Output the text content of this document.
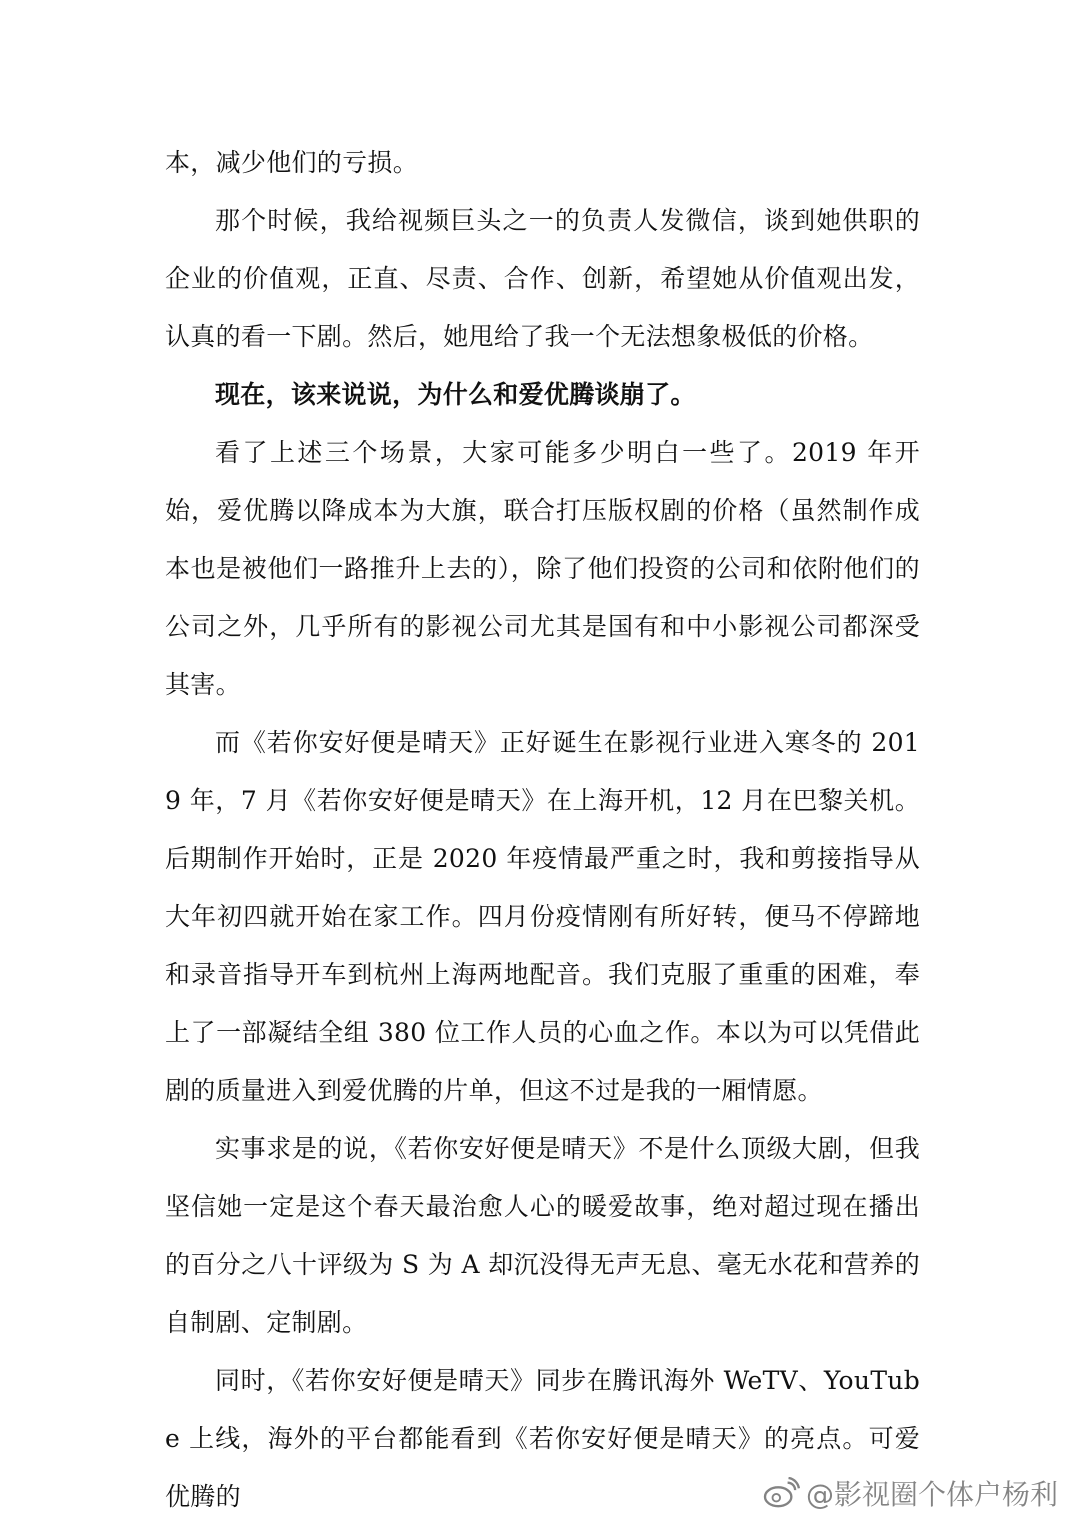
本，减少他们的亏损。

那个时候，我给视频巨头之一的负责人发微信，谈到她供职的企业的价值观，正直、尽责、合作、创新，希望她从价值观出发，认真的看一下剧。然后，她甩给了我一个无法想象极低的价格。

现在，该来说说，为什么和爱优腾谈崩了。

看了上述三个场景，大家可能多少明白一些了。2019 年开始，爱优腾以降成本为大旗，联合打压版权剧的价格（虽然制作成本也是被他们一路推升上去的），除了他们投资的公司和依附他们的公司之外，几乎所有的影视公司尤其是国有和中小影视公司都深受其害。

而《若你安好便是晴天》正好诞生在影视行业进入寒冬的 2019 年，7 月《若你安好便是晴天》在上海开机，12 月在巴黎关机。后期制作开始时，正是 2020 年疫情最严重之时，我和剪接指导从大年初四就开始在家工作。四月份疫情刚有所好转，便马不停蹄地和录音指导开车到杭州上海两地配音。我们克服了重重的困难，奉上了一部凝结全组 380 位工作人员的心血之作。本以为可以凭借此剧的质量进入到爱优腾的片单，但这不过是我的一厢情愿。

实事求是的说，《若你安好便是晴天》不是什么顶级大剧，但我坚信她一定是这个春天最治愈人心的暖爱故事，绝对超过现在播出的百分之八十评级为 S 为 A 却沉没得无声无息、毫无水花和营养的自制剧、定制剧。

同时，《若你安好便是晴天》同步在腾讯海外 WeTV、YouTube 上线，海外的平台都能看到《若你安好便是晴天》的亮点。可爱优腾的	@影视圈个体户杨利
